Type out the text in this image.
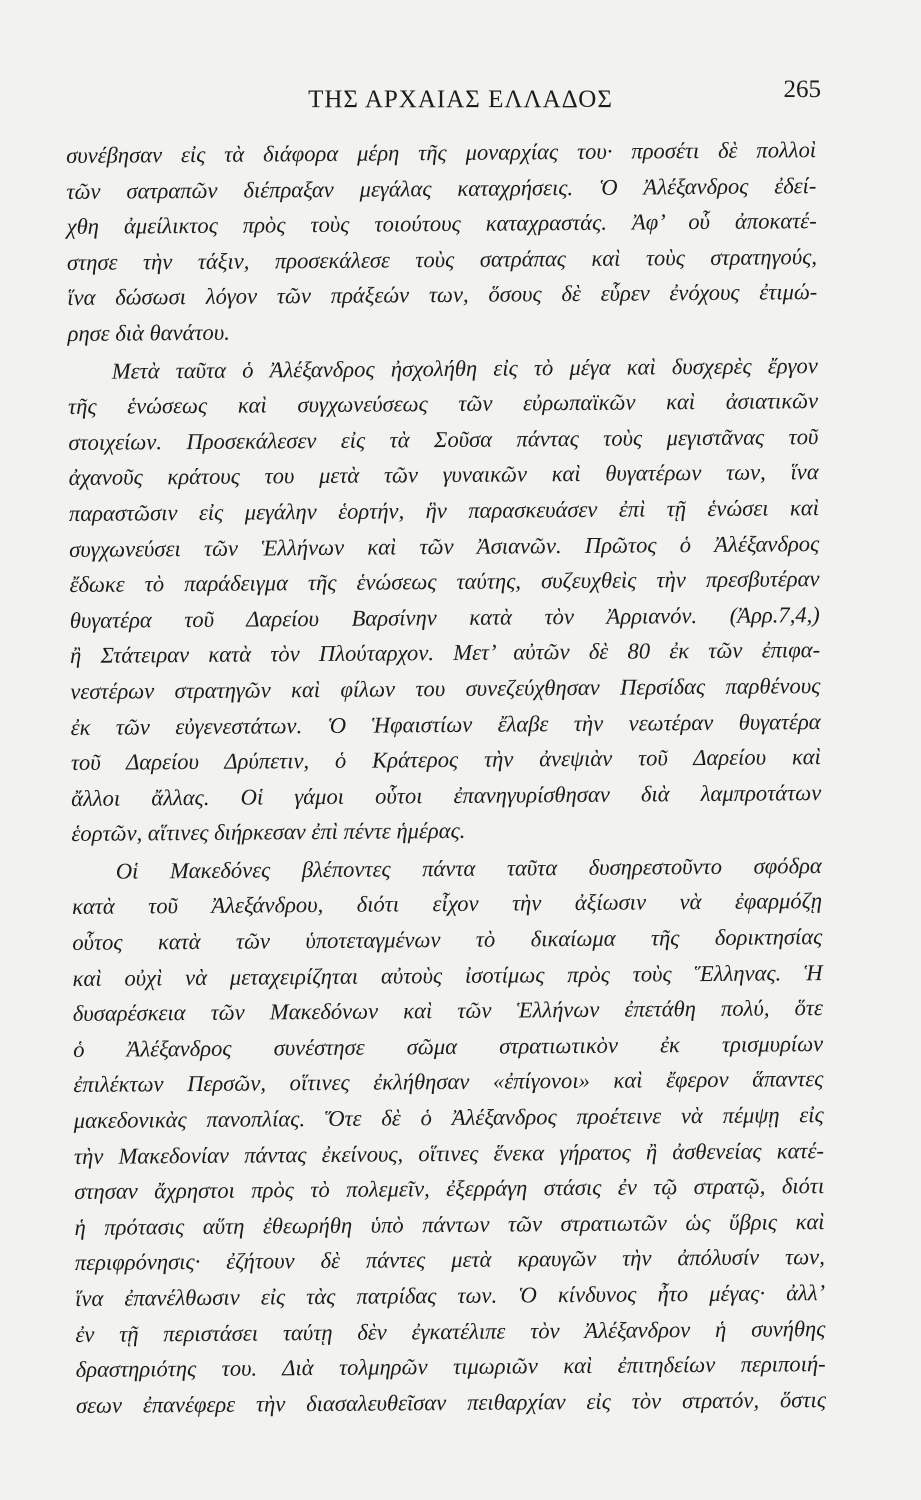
ΤΗΣ ΑΡΧΑΙΑΣ ΕΛΛΑΔΟΣ	265
συνέβησαν εἰς τὰ διάφορα μέρη τῆς μοναρχίας του· προσέτι δὲ πολλοὶ
τῶν σατραπῶν διέπραξαν μεγάλας καταχρήσεις. Ὁ Ἀλέξανδρος ἐδεί-
χθη ἀμείλικτος πρὸς τοὺς τοιούτους καταχραστάς. Ἀφ’ οὗ ἀποκατέ-
στησε τὴν τάξιν, προσεκάλεσε τοὺς σατράπας καὶ τοὺς στρατηγούς,
ἵνα δώσωσι λόγον τῶν πράξεών των, ὅσους δὲ εὗρεν ἐνόχους ἐτιμώ-
ρησε διὰ θανάτου.
Μετὰ ταῦτα ὁ Ἀλέξανδρος ἠσχολήθη εἰς τὸ μέγα καὶ δυσχερὲς ἔργον
τῆς ἑνώσεως καὶ συγχωνεύσεως τῶν εὐρωπαϊκῶν καὶ ἀσιατικῶν
στοιχείων. Προσεκάλεσεν εἰς τὰ Σοῦσα πάντας τοὺς μεγιστᾶνας τοῦ
ἀχανοῦς κράτους του μετὰ τῶν γυναικῶν καὶ θυγατέρων των, ἵνα
παραστῶσιν εἰς μεγάλην ἑορτήν, ἣν παρασκευάσεν ἐπὶ τῇ ἑνώσει καὶ
συγχωνεύσει τῶν Ἑλλήνων καὶ τῶν Ἀσιανῶν. Πρῶτος ὁ Ἀλέξανδρος
ἔδωκε τὸ παράδειγμα τῆς ἑνώσεως ταύτης, συζευχθεὶς τὴν πρεσβυτέραν
θυγατέρα τοῦ Δαρείου Βαρσίνην κατὰ τὸν Ἀρριανόν. (Ἀρρ.7,4,)
ἢ Στάτειραν κατὰ τὸν Πλούταρχον. Μετ’ αὐτῶν δὲ 80 ἐκ τῶν ἐπιφα-
νεστέρων στρατηγῶν καὶ φίλων του συνεζεύχθησαν Περσίδας παρθένους
ἐκ τῶν εὐγενεστάτων. Ὁ Ἡφαιστίων ἔλαβε τὴν νεωτέραν θυγατέρα
τοῦ Δαρείου Δρύπετιν, ὁ Κράτερος τὴν ἀνεψιὰν τοῦ Δαρείου καὶ
ἄλλοι ἄλλας. Οἱ γάμοι οὗτοι ἐπανηγυρίσθησαν διὰ λαμπροτάτων
ἑορτῶν, αἵτινες διήρκεσαν ἐπὶ πέντε ἡμέρας.
Οἱ Μακεδόνες βλέποντες πάντα ταῦτα δυσηρεστοῦντο σφόδρα
κατὰ τοῦ Ἀλεξάνδρου, διότι εἶχον τὴν ἀξίωσιν νὰ ἐφαρμόζῃ
οὗτος κατὰ τῶν ὑποτεταγμένων τὸ δικαίωμα τῆς δορικτησίας
καὶ οὐχὶ νὰ μεταχειρίζηται αὐτοὺς ἰσοτίμως πρὸς τοὺς Ἕλληνας. Ἡ
δυσαρέσκεια τῶν Μακεδόνων καὶ τῶν Ἑλλήνων ἐπετάθη πολύ, ὅτε
ὁ Ἀλέξανδρος συνέστησε σῶμα στρατιωτικὸν ἐκ τρισμυρίων
ἐπιλέκτων Περσῶν, οἵτινες ἐκλήθησαν «ἐπίγονοι» καὶ ἔφερον ἅπαντες
μακεδονικὰς πανοπλίας. Ὅτε δὲ ὁ Ἀλέξανδρος προέτεινε νὰ πέμψῃ εἰς
τὴν Μακεδονίαν πάντας ἐκείνους, οἵτινες ἕνεκα γήρατος ἢ ἀσθενείας κατέ-
στησαν ἄχρηστοι πρὸς τὸ πολεμεῖν, ἐξερράγη στάσις ἐν τῷ στρατῷ, διότι
ἡ πρότασις αὕτη ἐθεωρήθη ὑπὸ πάντων τῶν στρατιωτῶν ὡς ὕβρις καὶ
περιφρόνησις· ἐζήτουν δὲ πάντες μετὰ κραυγῶν τὴν ἀπόλυσίν των,
ἵνα ἐπανέλθωσιν εἰς τὰς πατρίδας των. Ὁ κίνδυνος ἦτο μέγας· ἀλλ’
ἐν τῇ περιστάσει ταύτῃ δὲν ἐγκατέλιπε τὸν Ἀλέξανδρον ἡ συνήθης
δραστηριότης του. Διὰ τολμηρῶν τιμωριῶν καὶ ἐπιτηδείων περιποιή-
σεων ἐπανέφερε τὴν διασαλευθεῖσαν πειθαρχίαν εἰς τὸν στρατόν, ὅστις
